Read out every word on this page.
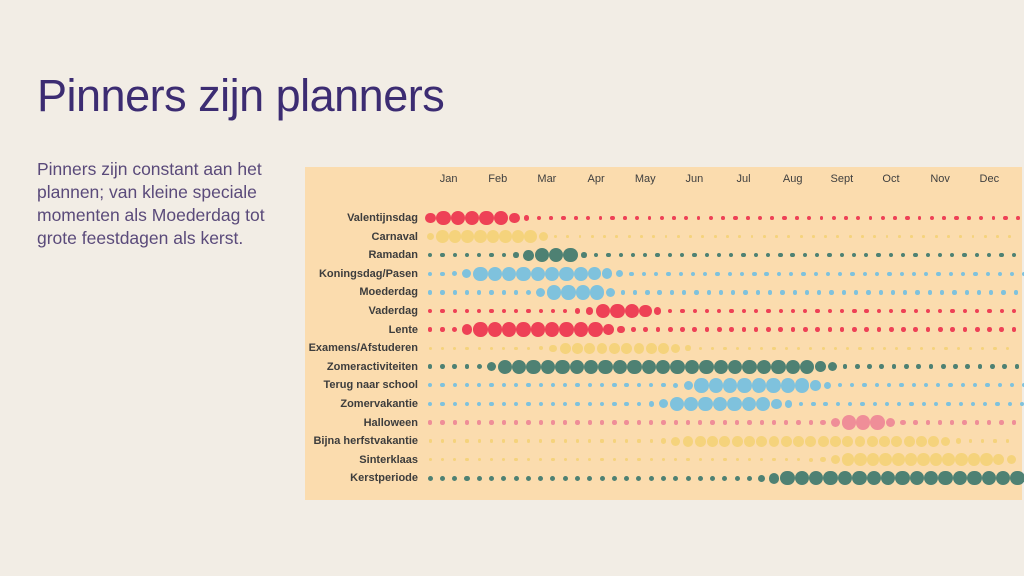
Pinners zijn planners

Pinners zijn constant aan het plannen; van kleine speciale momenten als Moederdag tot grote feestdagen als kerst.

Jan	Feb	Mar	Apr	May	Jun	Jul	Aug	Sept	Oct	Nov	Dec
Valentijnsdag
Carnaval
Ramadan
Koningsdag/Pasen
Moederdag
Vaderdag
Lente
Examens/Afstuderen
Zomeractiviteiten
Terug naar school
Zomervakantie
Halloween
Bijna herfstvakantie
Sinterklaas
Kerstperiode
